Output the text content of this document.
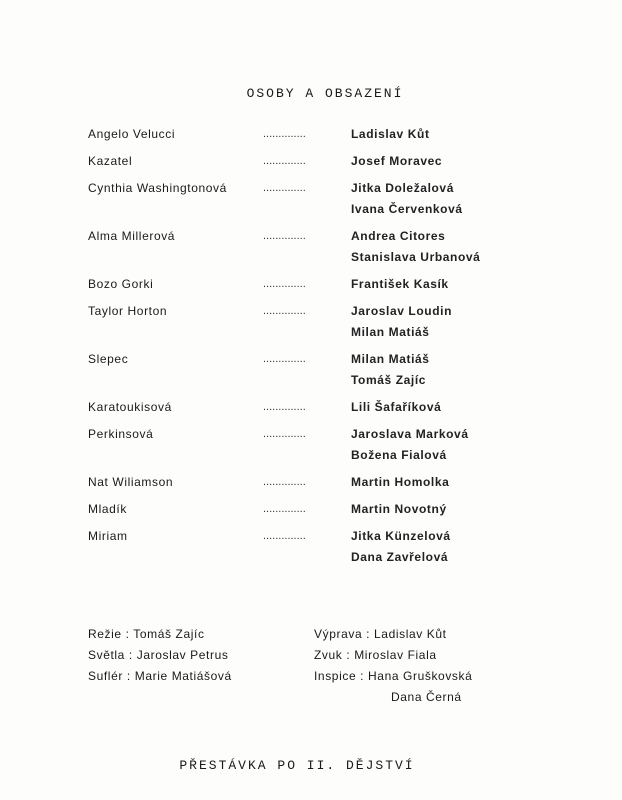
OSOBY A OBSAZENÍ
Angelo Velucci	..............	Ladislav Kůt
Kazatel	..............	Josef Moravec
Cynthia Washingtonová	..............	Jitka Doležalová
Ivana Červenková
Alma Millerová	..............	Andrea Citores
Stanislava Urbanová
Bozo Gorki	..............	František Kasík
Taylor Horton	..............	Jaroslav Loudin
Milan Matiáš
Slepec	..............	Milan Matiáš
Tomáš Zajíc
Karatoukisová	..............	Lili Šafaříková
Perkinsová	..............	Jaroslava Marková
Božena Fialová
Nat Wiliamson	..............	Martin Homolka
Mladík	..............	Martin Novotný
Miriam	..............	Jitka Künzelová
Dana Zavřelová
Režie : Tomáš Zajíc
Světla : Jaroslav Petrus
Suflér : Marie Matiášová
Výprava : Ladislav Kůt
Zvuk : Miroslav Fiala
Inspice : Hana Gruškovská
Dana Černá
PŘESTÁVKA PO II. DĚJSTVÍ
